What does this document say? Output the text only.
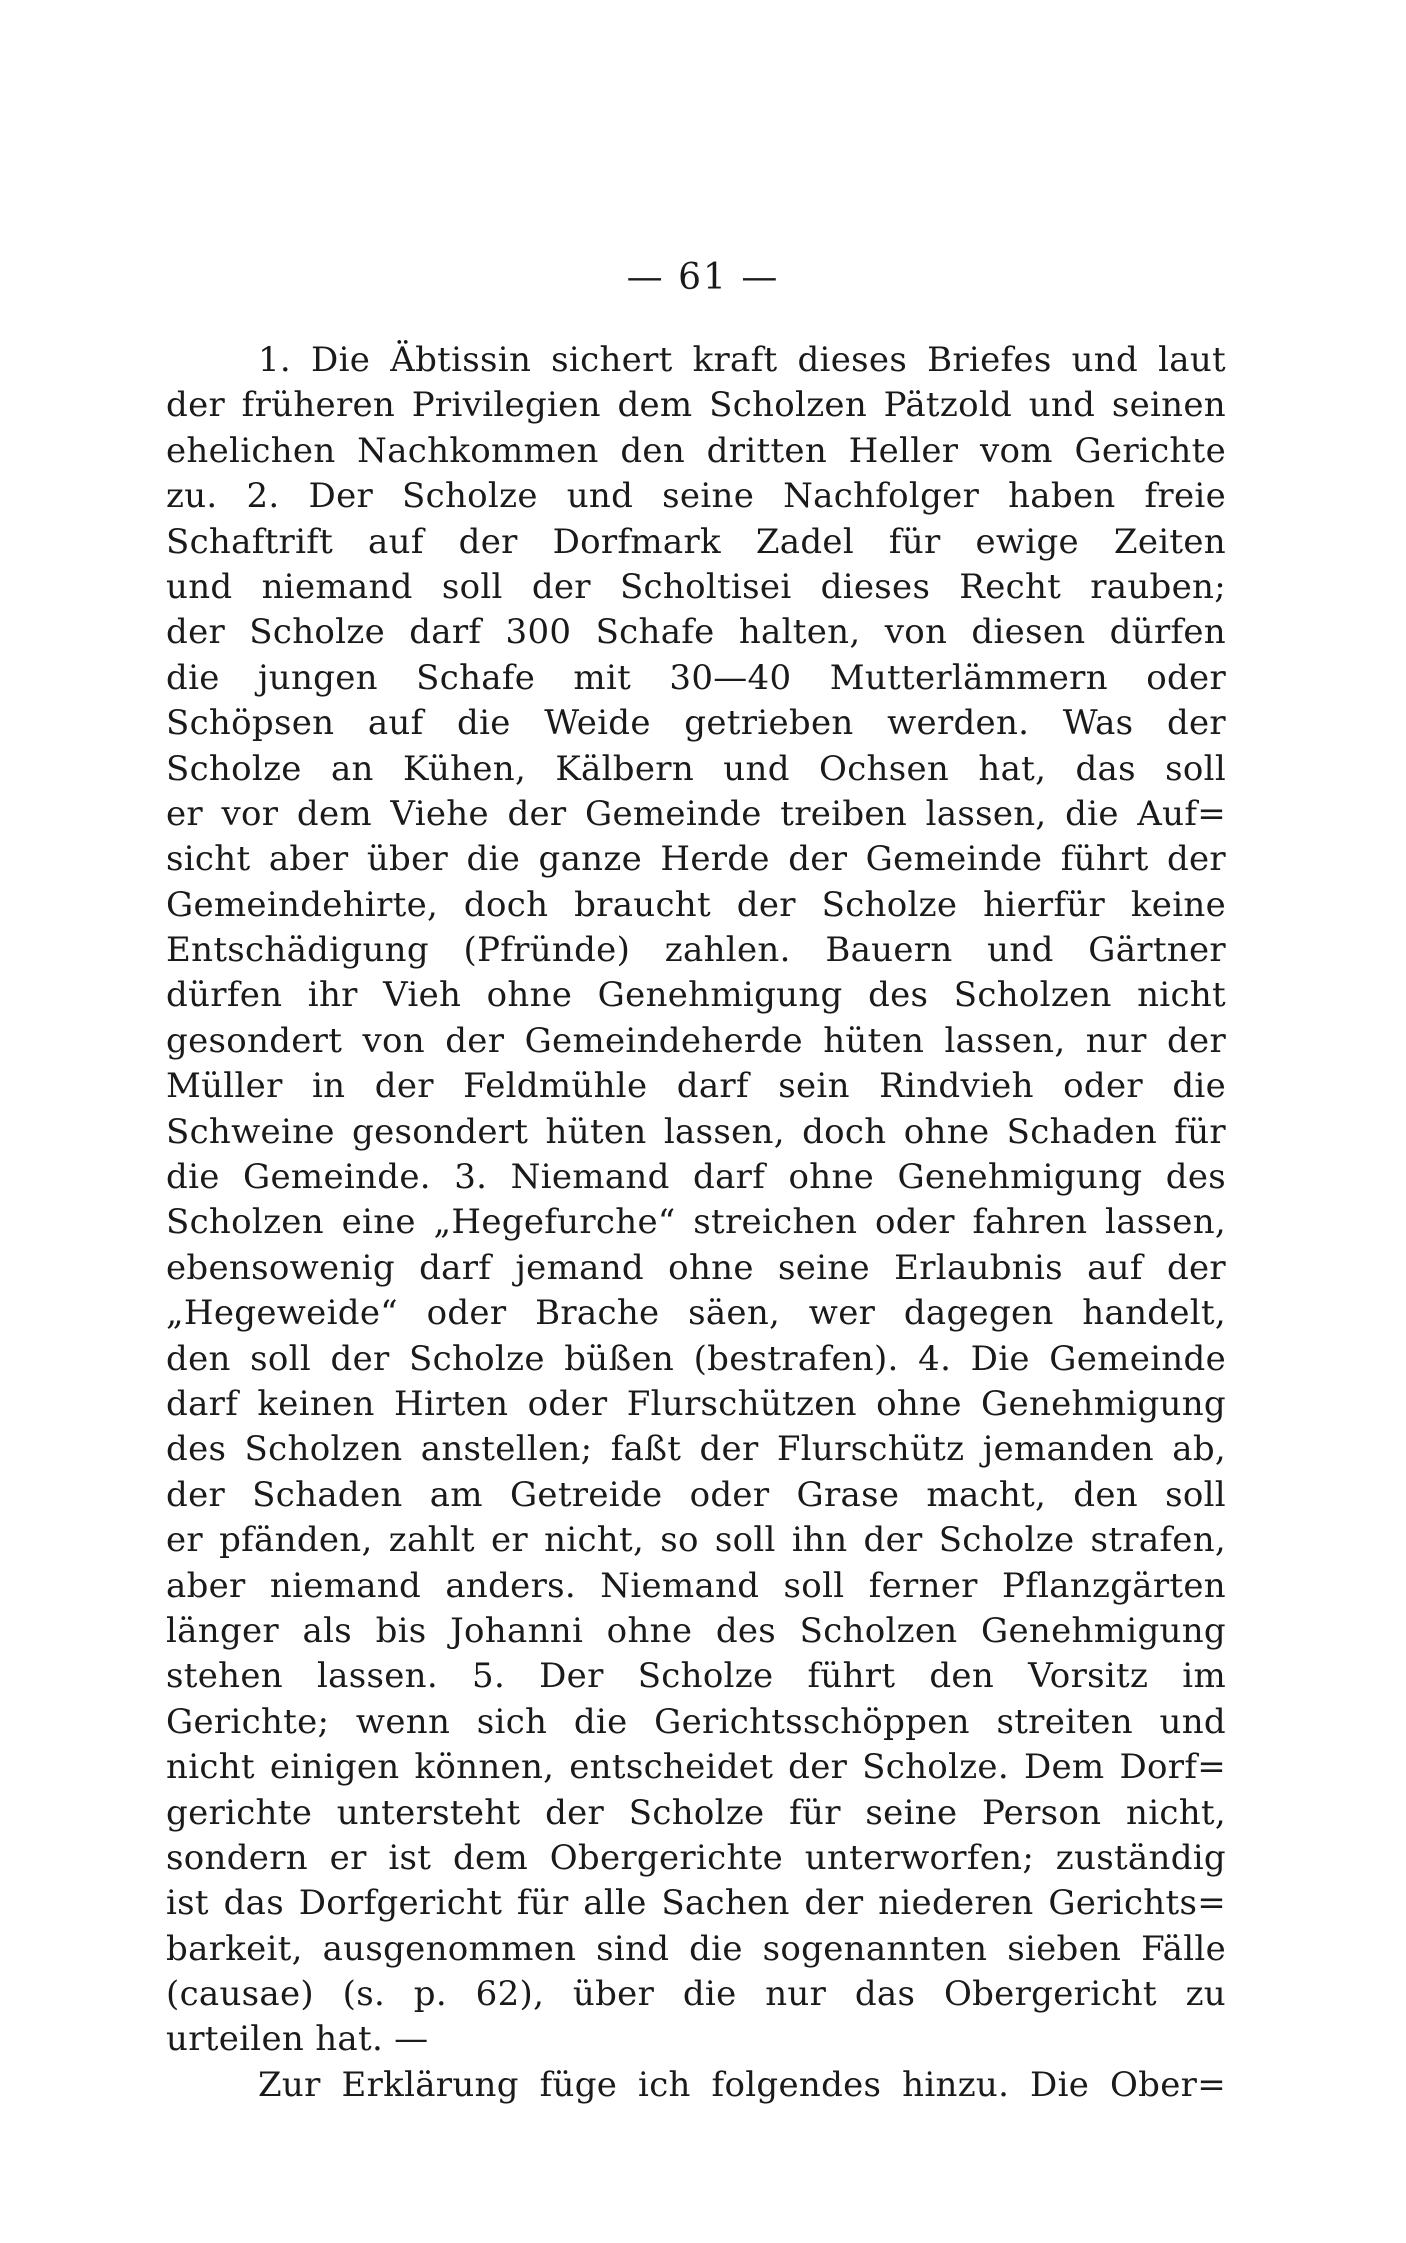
— 61 —
1. Die Äbtissin sichert kraft dieses Briefes und laut
der früheren Privilegien dem Scholzen Pätzold und seinen
ehelichen Nachkommen den dritten Heller vom Gerichte
zu. 2. Der Scholze und seine Nachfolger haben freie
Schaftrift auf der Dorfmark Zadel für ewige Zeiten
und niemand soll der Scholtisei dieses Recht rauben;
der Scholze darf 300 Schafe halten, von diesen dürfen
die jungen Schafe mit 30—40 Mutterlämmern oder
Schöpsen auf die Weide getrieben werden. Was der
Scholze an Kühen, Kälbern und Ochsen hat, das soll
er vor dem Viehe der Gemeinde treiben lassen, die Auf=
sicht aber über die ganze Herde der Gemeinde führt der
Gemeindehirte, doch braucht der Scholze hierfür keine
Entschädigung (Pfründe) zahlen. Bauern und Gärtner
dürfen ihr Vieh ohne Genehmigung des Scholzen nicht
gesondert von der Gemeindeherde hüten lassen, nur der
Müller in der Feldmühle darf sein Rindvieh oder die
Schweine gesondert hüten lassen, doch ohne Schaden für
die Gemeinde. 3. Niemand darf ohne Genehmigung des
Scholzen eine „Hegefurche“ streichen oder fahren lassen,
ebensowenig darf jemand ohne seine Erlaubnis auf der
„Hegeweide“ oder Brache säen, wer dagegen handelt,
den soll der Scholze büßen (bestrafen). 4. Die Gemeinde
darf keinen Hirten oder Flurschützen ohne Genehmigung
des Scholzen anstellen; faßt der Flurschütz jemanden ab,
der Schaden am Getreide oder Grase macht, den soll
er pfänden, zahlt er nicht, so soll ihn der Scholze strafen,
aber niemand anders. Niemand soll ferner Pflanzgärten
länger als bis Johanni ohne des Scholzen Genehmigung
stehen lassen. 5. Der Scholze führt den Vorsitz im
Gerichte; wenn sich die Gerichtsschöppen streiten und
nicht einigen können, entscheidet der Scholze. Dem Dorf=
gerichte untersteht der Scholze für seine Person nicht,
sondern er ist dem Obergerichte unterworfen; zuständig
ist das Dorfgericht für alle Sachen der niederen Gerichts=
barkeit, ausgenommen sind die sogenannten sieben Fälle
(causae) (s. p. 62), über die nur das Obergericht zu
urteilen hat. —
Zur Erklärung füge ich folgendes hinzu. Die Ober=
